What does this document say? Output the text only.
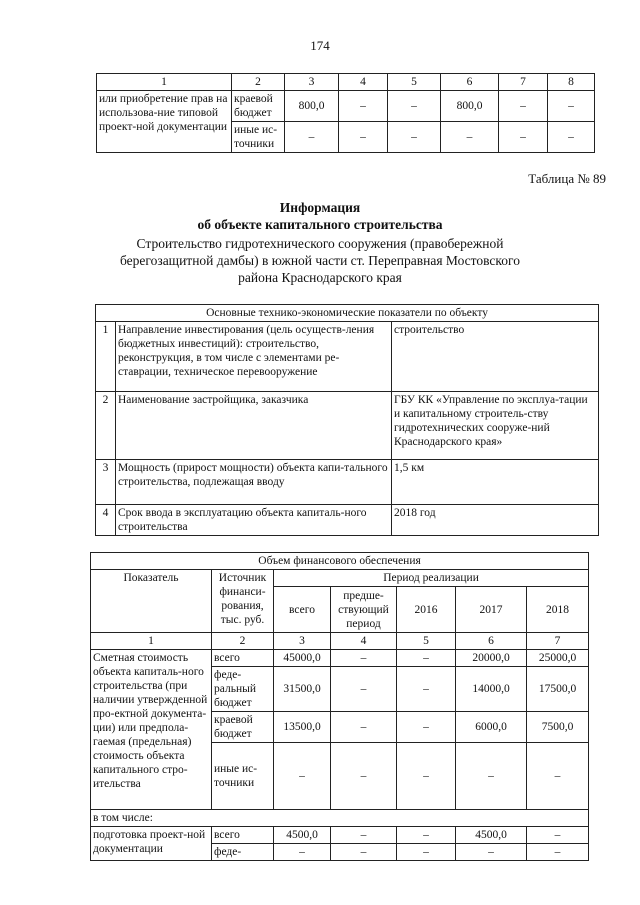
174
1	2	3	4	5	6	7	8
или приобретение прав на использова-ние типовой проект-ной документации	краевой бюджет	800,0	–	–	800,0	–	–
	иные ис-точники	–	–	–	–	–	–
Таблица № 89
Информация
об объекте капитального строительства
Строительство гидротехнического сооружения (правобережной
берегозащитной дамбы) в южной части ст. Переправная Мостовского
района Краснодарского края
Основные технико-экономические показатели по объекту		
1	Направление инвестирования (цель осуществ-ления бюджетных инвестиций): строительство, реконструкция, в том числе с элементами ре-ставрации, техническое перевооружение	строительство
2	Наименование застройщика, заказчика	ГБУ КК «Управление по эксплуа-тации и капитальному строитель-ству гидротехнических сооруже-ний Краснодарского края»
3	Мощность (прирост мощности) объекта капи-тального строительства, подлежащая вводу	1,5 км
4	Срок ввода в эксплуатацию объекта капиталь-ного строительства	2018 год
Объем финансового обеспечения						
Показатель	Источник финанси-рования, тыс. руб.	Период реализации				
		всего	предше-ствующий период	2016	2017	2018
1	2	3	4	5	6	7
Сметная стоимость объекта капиталь-ного строительства (при наличии утвержденной про-ектной документа-ции) или предпола-гаемая (предельная) стоимость объекта капитального стро-ительства	всего	45000,0	–	–	20000,0	25000,0
	феде-ральный бюджет	31500,0	–	–	14000,0	17500,0
	краевой бюджет	13500,0	–	–	6000,0	7500,0
	иные ис-точники	–	–	–	–	–
в том числе:						
подготовка проект-ной документации	всего	4500,0	–	–	4500,0	–
	феде-	–	–	–	–	–
